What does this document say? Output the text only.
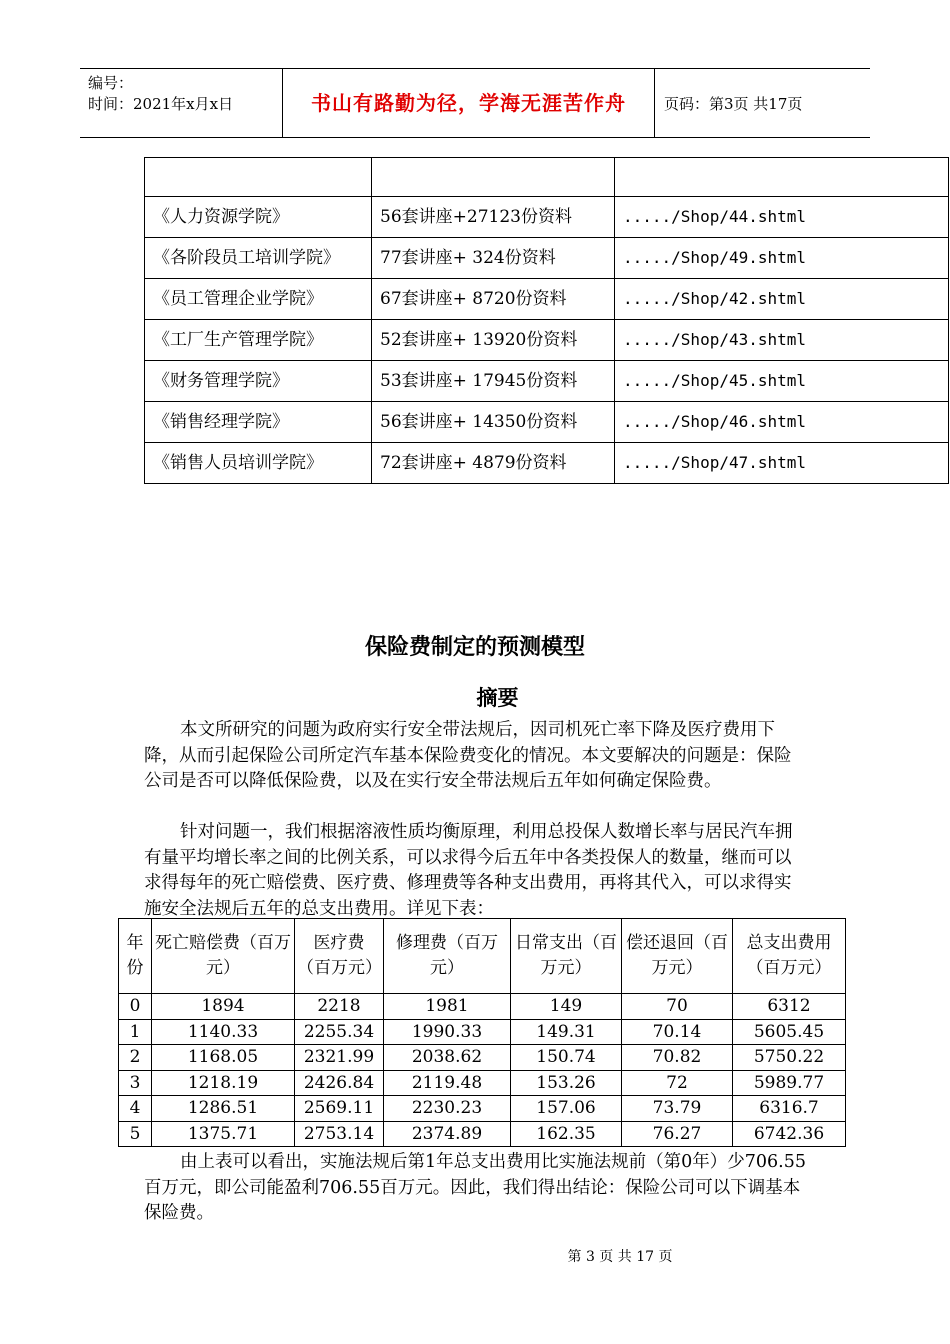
编号：
时间：2021年x月x日	书山有路勤为径，学海无涯苦作舟	页码：第3页 共17页

《人力资源学院》	56套讲座+27123份资料	...../Shop/44.shtml
《各阶段员工培训学院》	77套讲座+ 324份资料	...../Shop/49.shtml
《员工管理企业学院》	67套讲座+ 8720份资料	...../Shop/42.shtml
《工厂生产管理学院》	52套讲座+ 13920份资料	...../Shop/43.shtml
《财务管理学院》	53套讲座+ 17945份资料	...../Shop/45.shtml
《销售经理学院》	56套讲座+ 14350份资料	...../Shop/46.shtml
《销售人员培训学院》	72套讲座+ 4879份资料	...../Shop/47.shtml
保险费制定的预测模型
摘要
本文所研究的问题为政府实行安全带法规后，因司机死亡率下降及医疗费用下降，从而引起保险公司所定汽车基本保险费变化的情况。本文要解决的问题是：保险公司是否可以降低保险费，以及在实行安全带法规后五年如何确定保险费。
针对问题一，我们根据溶液性质均衡原理，利用总投保人数增长率与居民汽车拥有量平均增长率之间的比例关系，可以求得今后五年中各类投保人的数量，继而可以求得每年的死亡赔偿费、医疗费、修理费等各种支出费用，再将其代入，可以求得实施安全法规后五年的总支出费用。详见下表：
年份	死亡赔偿费（百万元）	医疗费（百万元）	修理费（百万元）	日常支出（百万元）	偿还退回（百万元）	总支出费用（百万元）
0	1894	2218	1981	149	70	6312
1	1140.33	2255.34	1990.33	149.31	70.14	5605.45
2	1168.05	2321.99	2038.62	150.74	70.82	5750.22
3	1218.19	2426.84	2119.48	153.26	72	5989.77
4	1286.51	2569.11	2230.23	157.06	73.79	6316.7
5	1375.71	2753.14	2374.89	162.35	76.27	6742.36
由上表可以看出，实施法规后第1年总支出费用比实施法规前（第0年）少706.55百万元，即公司能盈利706.55百万元。因此，我们得出结论：保险公司可以下调基本保险费。
第 3 页 共 17 页
